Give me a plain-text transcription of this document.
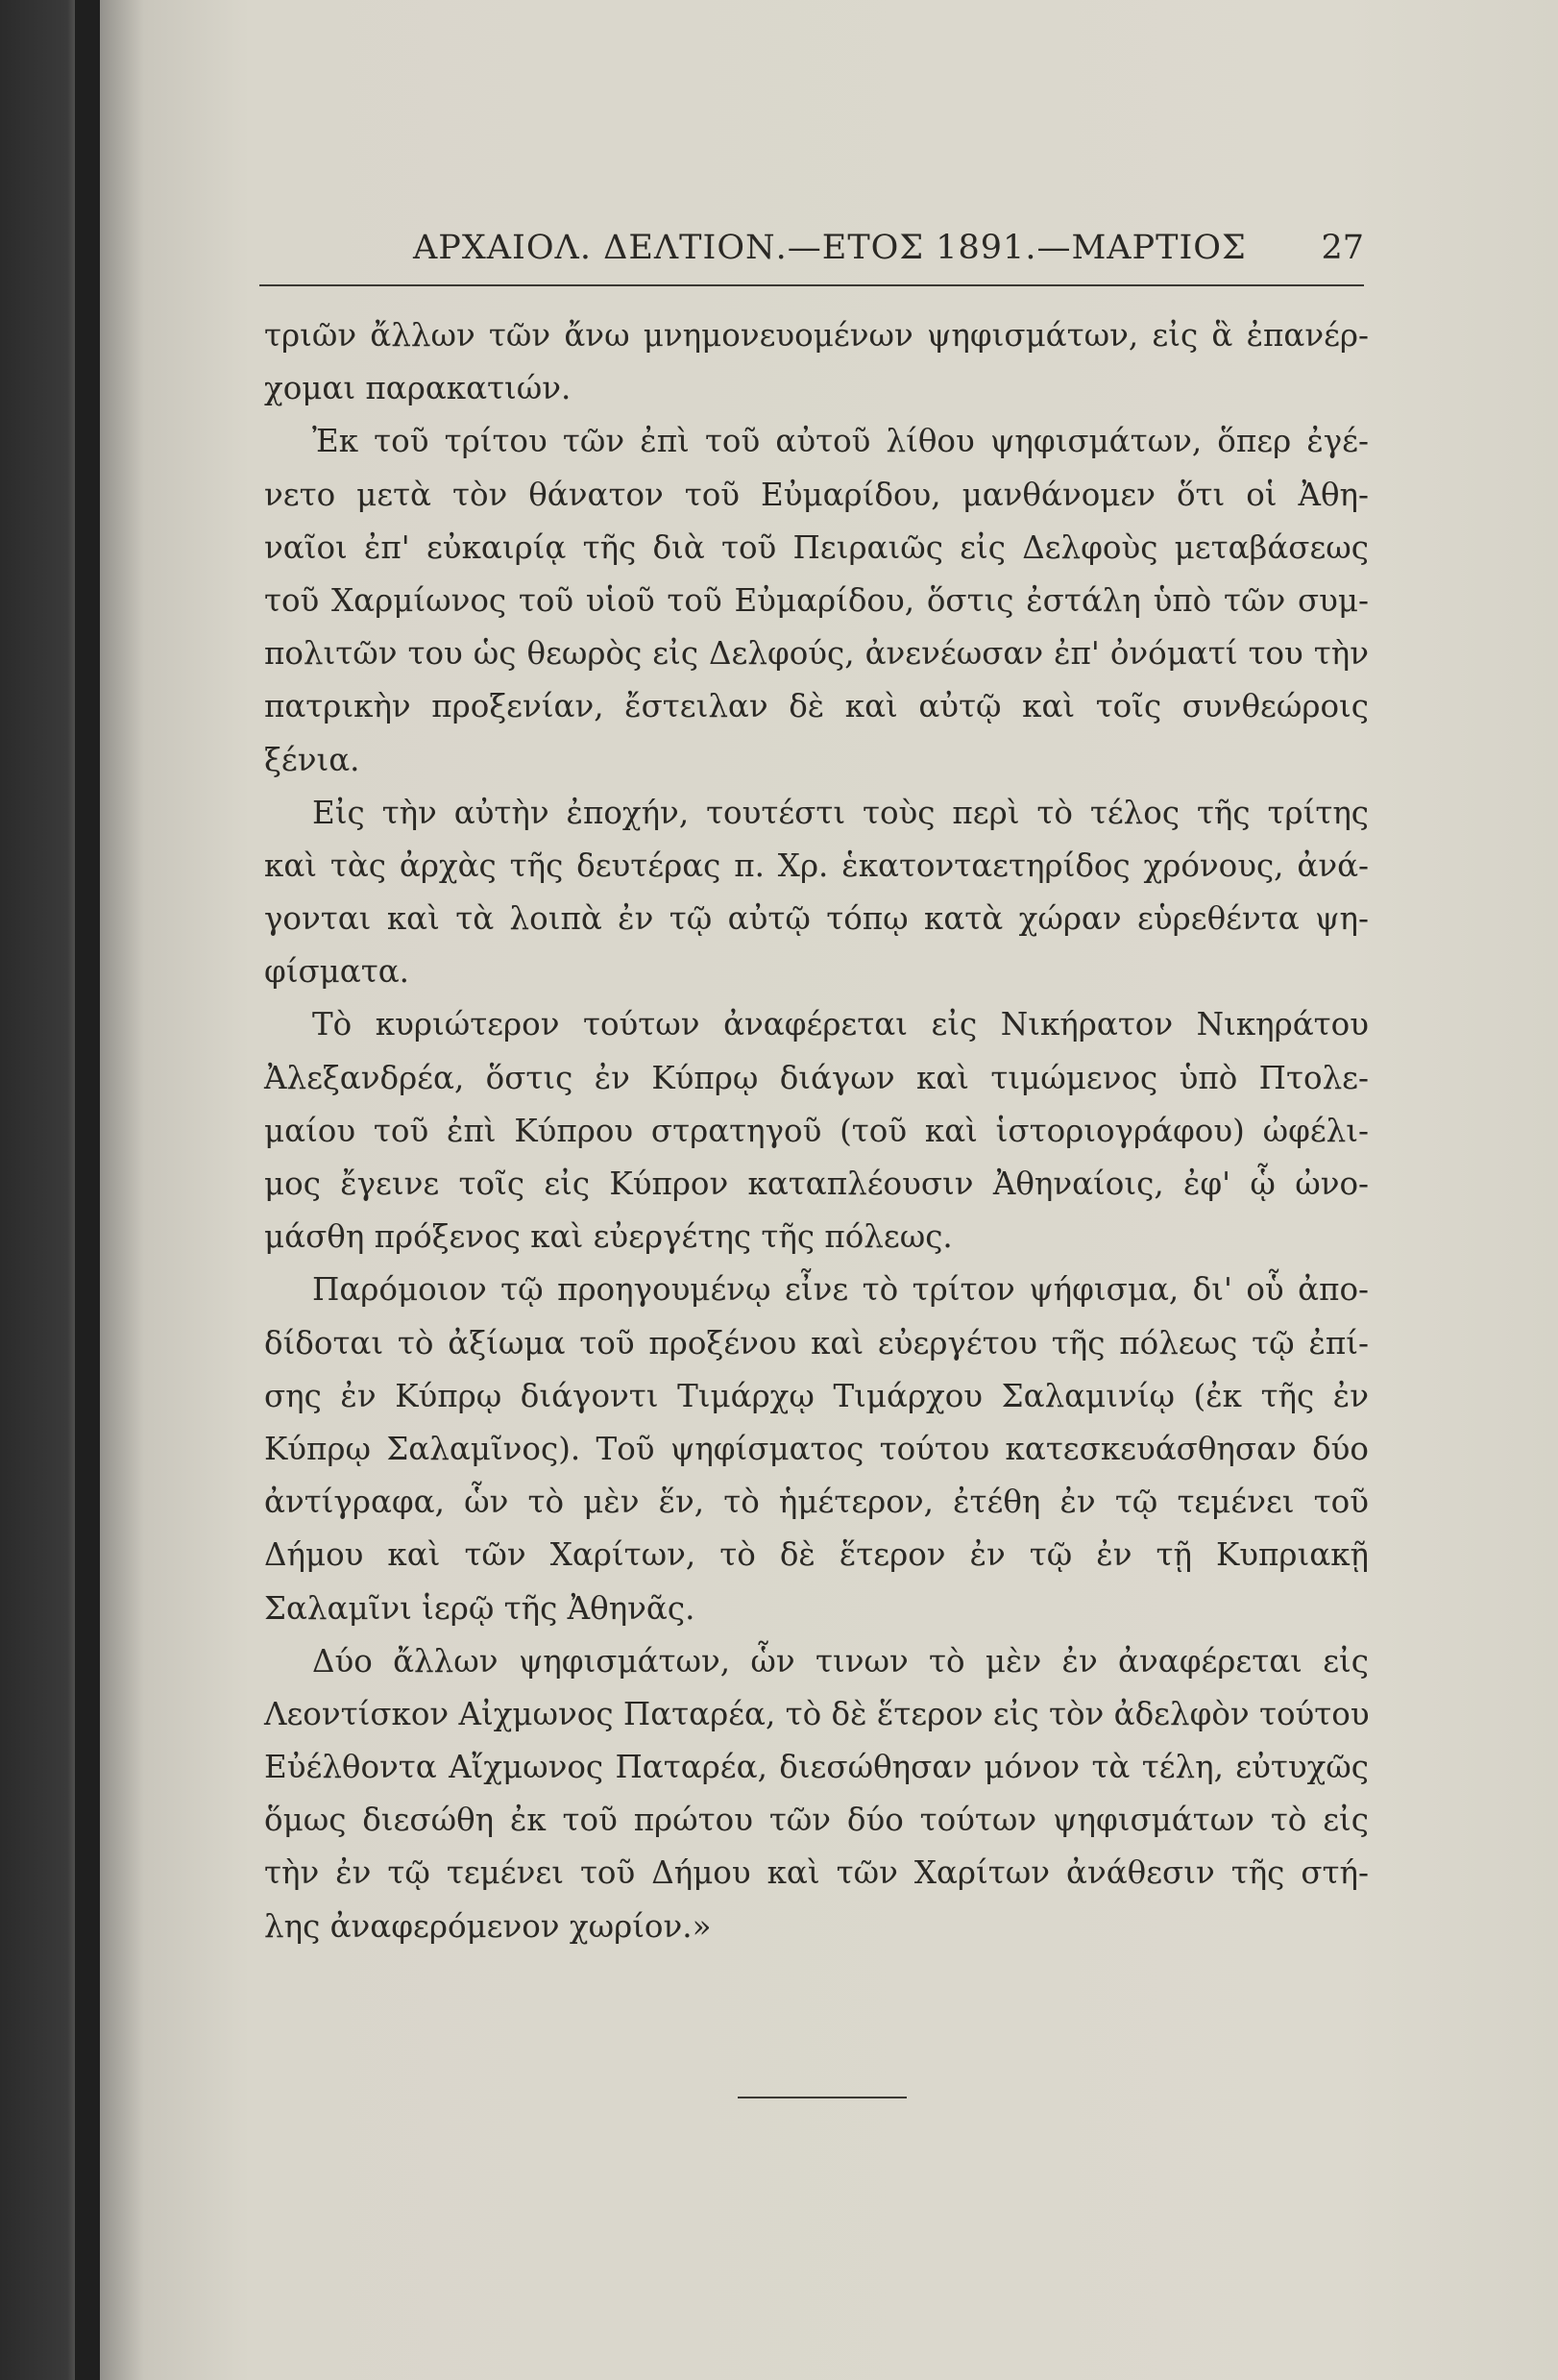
ΑΡΧΑΙΟΛ. ΔΕΛΤΙΟΝ.—ΕΤΟΣ 1891.—ΜΑΡΤΙΟΣ 27
τριῶν ἄλλων τῶν ἄνω μνημονευομένων ψηφισμάτων, εἰς ἃ ἐπανέρ-
χομαι παρακατιών.
Ἐκ τοῦ τρίτου τῶν ἐπὶ τοῦ αὐτοῦ λίθου ψηφισμάτων, ὅπερ ἐγέ-
νετο μετὰ τὸν θάνατον τοῦ Εὐμαρίδου, μανθάνομεν ὅτι οἱ Ἀθη-
ναῖοι ἐπ' εὐκαιρίᾳ τῆς διὰ τοῦ Πειραιῶς εἰς Δελφοὺς μεταβάσεως
τοῦ Χαρμίωνος τοῦ υἱοῦ τοῦ Εὐμαρίδου, ὅστις ἐστάλη ὑπὸ τῶν συμ-
πολιτῶν του ὡς θεωρὸς εἰς Δελφούς, ἀνενέωσαν ἐπ' ὀνόματί του τὴν
πατρικὴν προξενίαν, ἔστειλαν δὲ καὶ αὐτῷ καὶ τοῖς συνθεώροις
ξένια.
Εἰς τὴν αὐτὴν ἐποχήν, τουτέστι τοὺς περὶ τὸ τέλος τῆς τρίτης
καὶ τὰς ἀρχὰς τῆς δευτέρας π. Χρ. ἑκατονταετηρίδος χρόνους, ἀνά-
γονται καὶ τὰ λοιπὰ ἐν τῷ αὐτῷ τόπῳ κατὰ χώραν εὑρεθέντα ψη-
φίσματα.
Τὸ κυριώτερον τούτων ἀναφέρεται εἰς Νικήρατον Νικηράτου
Ἀλεξανδρέα, ὅστις ἐν Κύπρῳ διάγων καὶ τιμώμενος ὑπὸ Πτολε-
μαίου τοῦ ἐπὶ Κύπρου στρατηγοῦ (τοῦ καὶ ἱστοριογράφου) ὠφέλι-
μος ἔγεινε τοῖς εἰς Κύπρον καταπλέουσιν Ἀθηναίοις, ἐφ' ᾧ ὠνο-
μάσθη πρόξενος καὶ εὐεργέτης τῆς πόλεως.
Παρόμοιον τῷ προηγουμένῳ εἶνε τὸ τρίτον ψήφισμα, δι' οὗ ἀπο-
δίδοται τὸ ἀξίωμα τοῦ προξένου καὶ εὐεργέτου τῆς πόλεως τῷ ἐπί-
σης ἐν Κύπρῳ διάγοντι Τιμάρχῳ Τιμάρχου Σαλαμινίῳ (ἐκ τῆς ἐν
Κύπρῳ Σαλαμῖνος). Τοῦ ψηφίσματος τούτου κατεσκευάσθησαν δύο
ἀντίγραφα, ὧν τὸ μὲν ἕν, τὸ ἡμέτερον, ἐτέθη ἐν τῷ τεμένει τοῦ
Δήμου καὶ τῶν Χαρίτων, τὸ δὲ ἕτερον ἐν τῷ ἐν τῇ Κυπριακῇ
Σαλαμῖνι ἱερῷ τῆς Ἀθηνᾶς.
Δύο ἄλλων ψηφισμάτων, ὧν τινων τὸ μὲν ἐν ἀναφέρεται εἰς
Λεοντίσκον Αἰχμωνος Παταρέα, τὸ δὲ ἕτερον εἰς τὸν ἀδελφὸν τούτου
Εὐέλθοντα Αἴχμωνος Παταρέα, διεσώθησαν μόνον τὰ τέλη, εὐτυχῶς
ὅμως διεσώθη ἐκ τοῦ πρώτου τῶν δύο τούτων ψηφισμάτων τὸ εἰς
τὴν ἐν τῷ τεμένει τοῦ Δήμου καὶ τῶν Χαρίτων ἀνάθεσιν τῆς στή-
λης ἀναφερόμενον χωρίον.»
